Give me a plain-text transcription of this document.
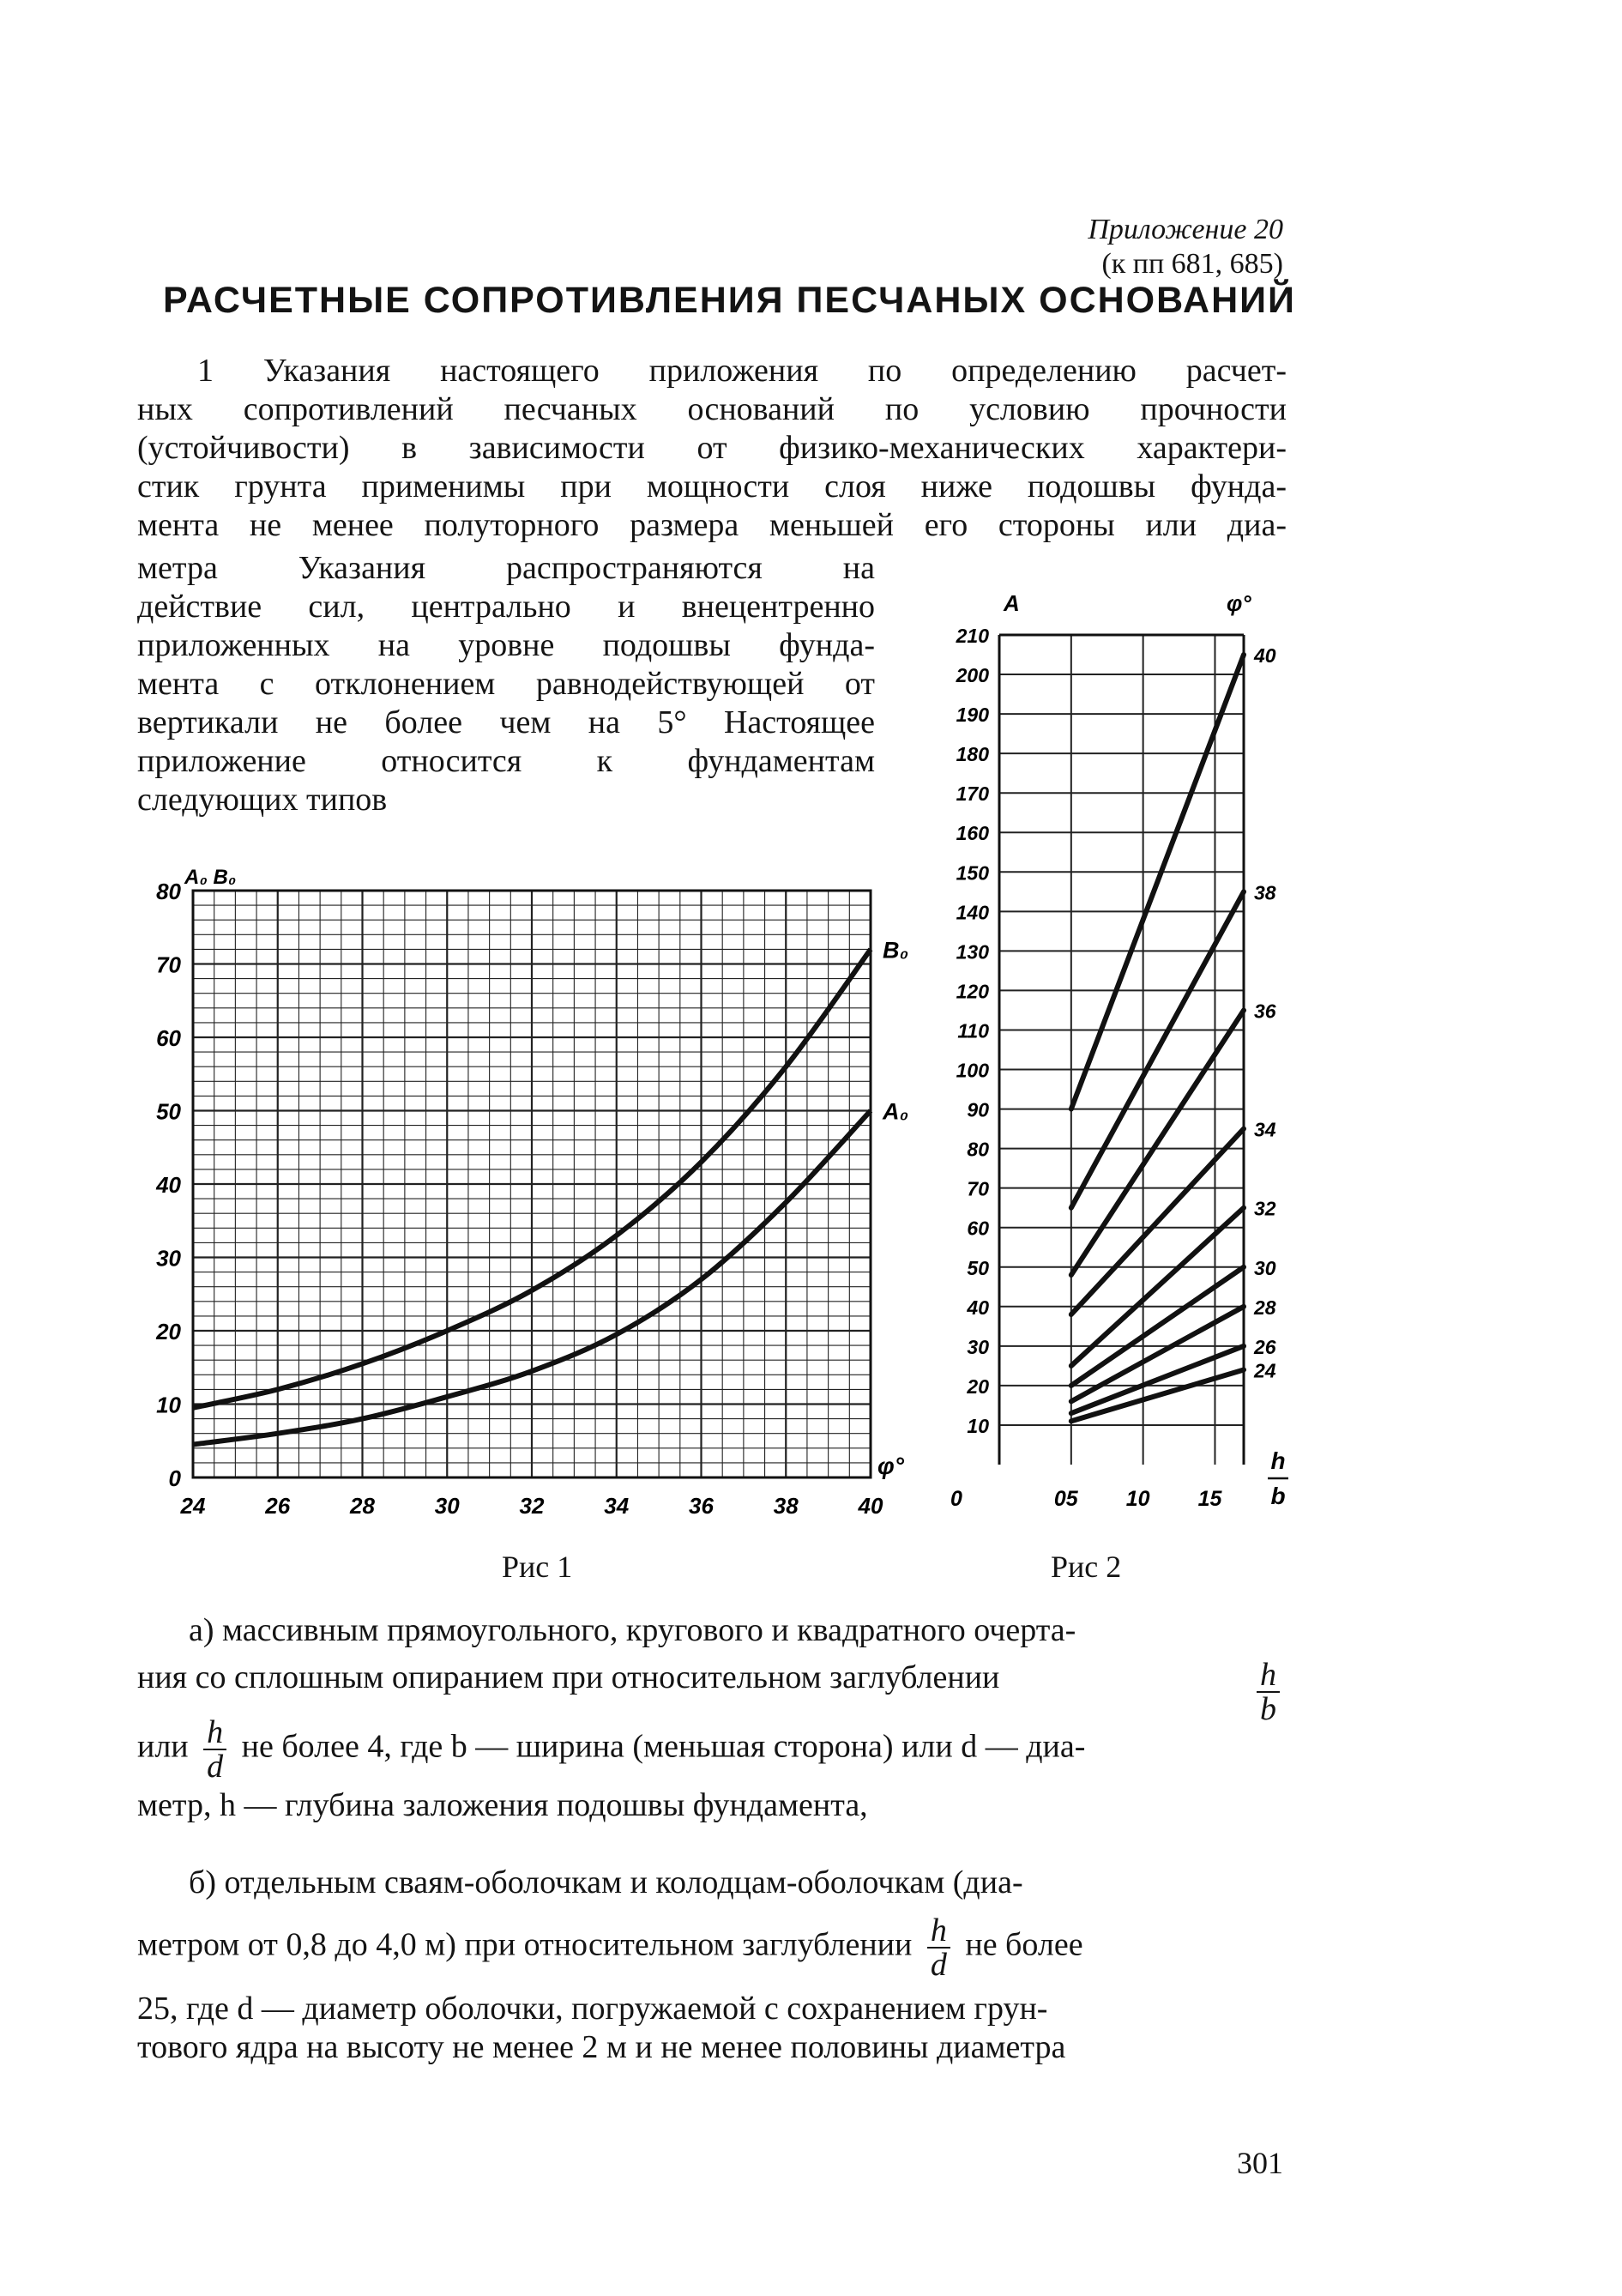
Приложение 20
(к пп 681, 685)
РАСЧЕТНЫЕ СОПРОТИВЛЕНИЯ ПЕСЧАНЫХ ОСНОВАНИЙ
1 Указания настоящего приложения по определению расчет-
ных сопротивлений песчаных оснований по условию прочности
(устойчивости) в зависимости от физико-механических характери-
стик грунта применимы при мощности слоя ниже подошвы фунда-
мента не менее полуторного размера меньшей его стороны или диа-
метра Указания распространяются на
действие сил, центрально и внецентренно
приложенных на уровне подошвы фунда-
мента с отклонением равнодействующей от
вертикали не более чем на 5° Настоящее
приложение относится к фундаментам
следующих типов
0
10
20
30
40
50
60
70
80
24	26	28	30	32	34	36	38	40
A₀ B₀
φ°
B₀
A₀
Рис 1
10
20
30
40
50
60
70
80
90
100
110
120
130
140
150
160
170
180
190
200
210
0	05 10 15
A	φ°
h
b
40
38
36
34
32
30
28
26
24
Рис 2
а) массивным прямоугольного, кругового и квадратного очерта-
ния со сплошным опиранием при относительном заглублении	$\frac{h}{b}$
или $\frac{h}{d}$ не более 4, где b — ширина (меньшая сторона) или d — диа-
метр, h — глубина заложения подошвы фундамента,
б) отдельным сваям-оболочкам и колодцам-оболочкам (диа-
метром от 0,8 до 4,0 м) при относительном заглублении $\frac{h}{d}$ не более
25, где d — диаметр оболочки, погружаемой с сохранением грун-
тового ядра на высоту не менее 2 м и не менее половины диаметра
301
